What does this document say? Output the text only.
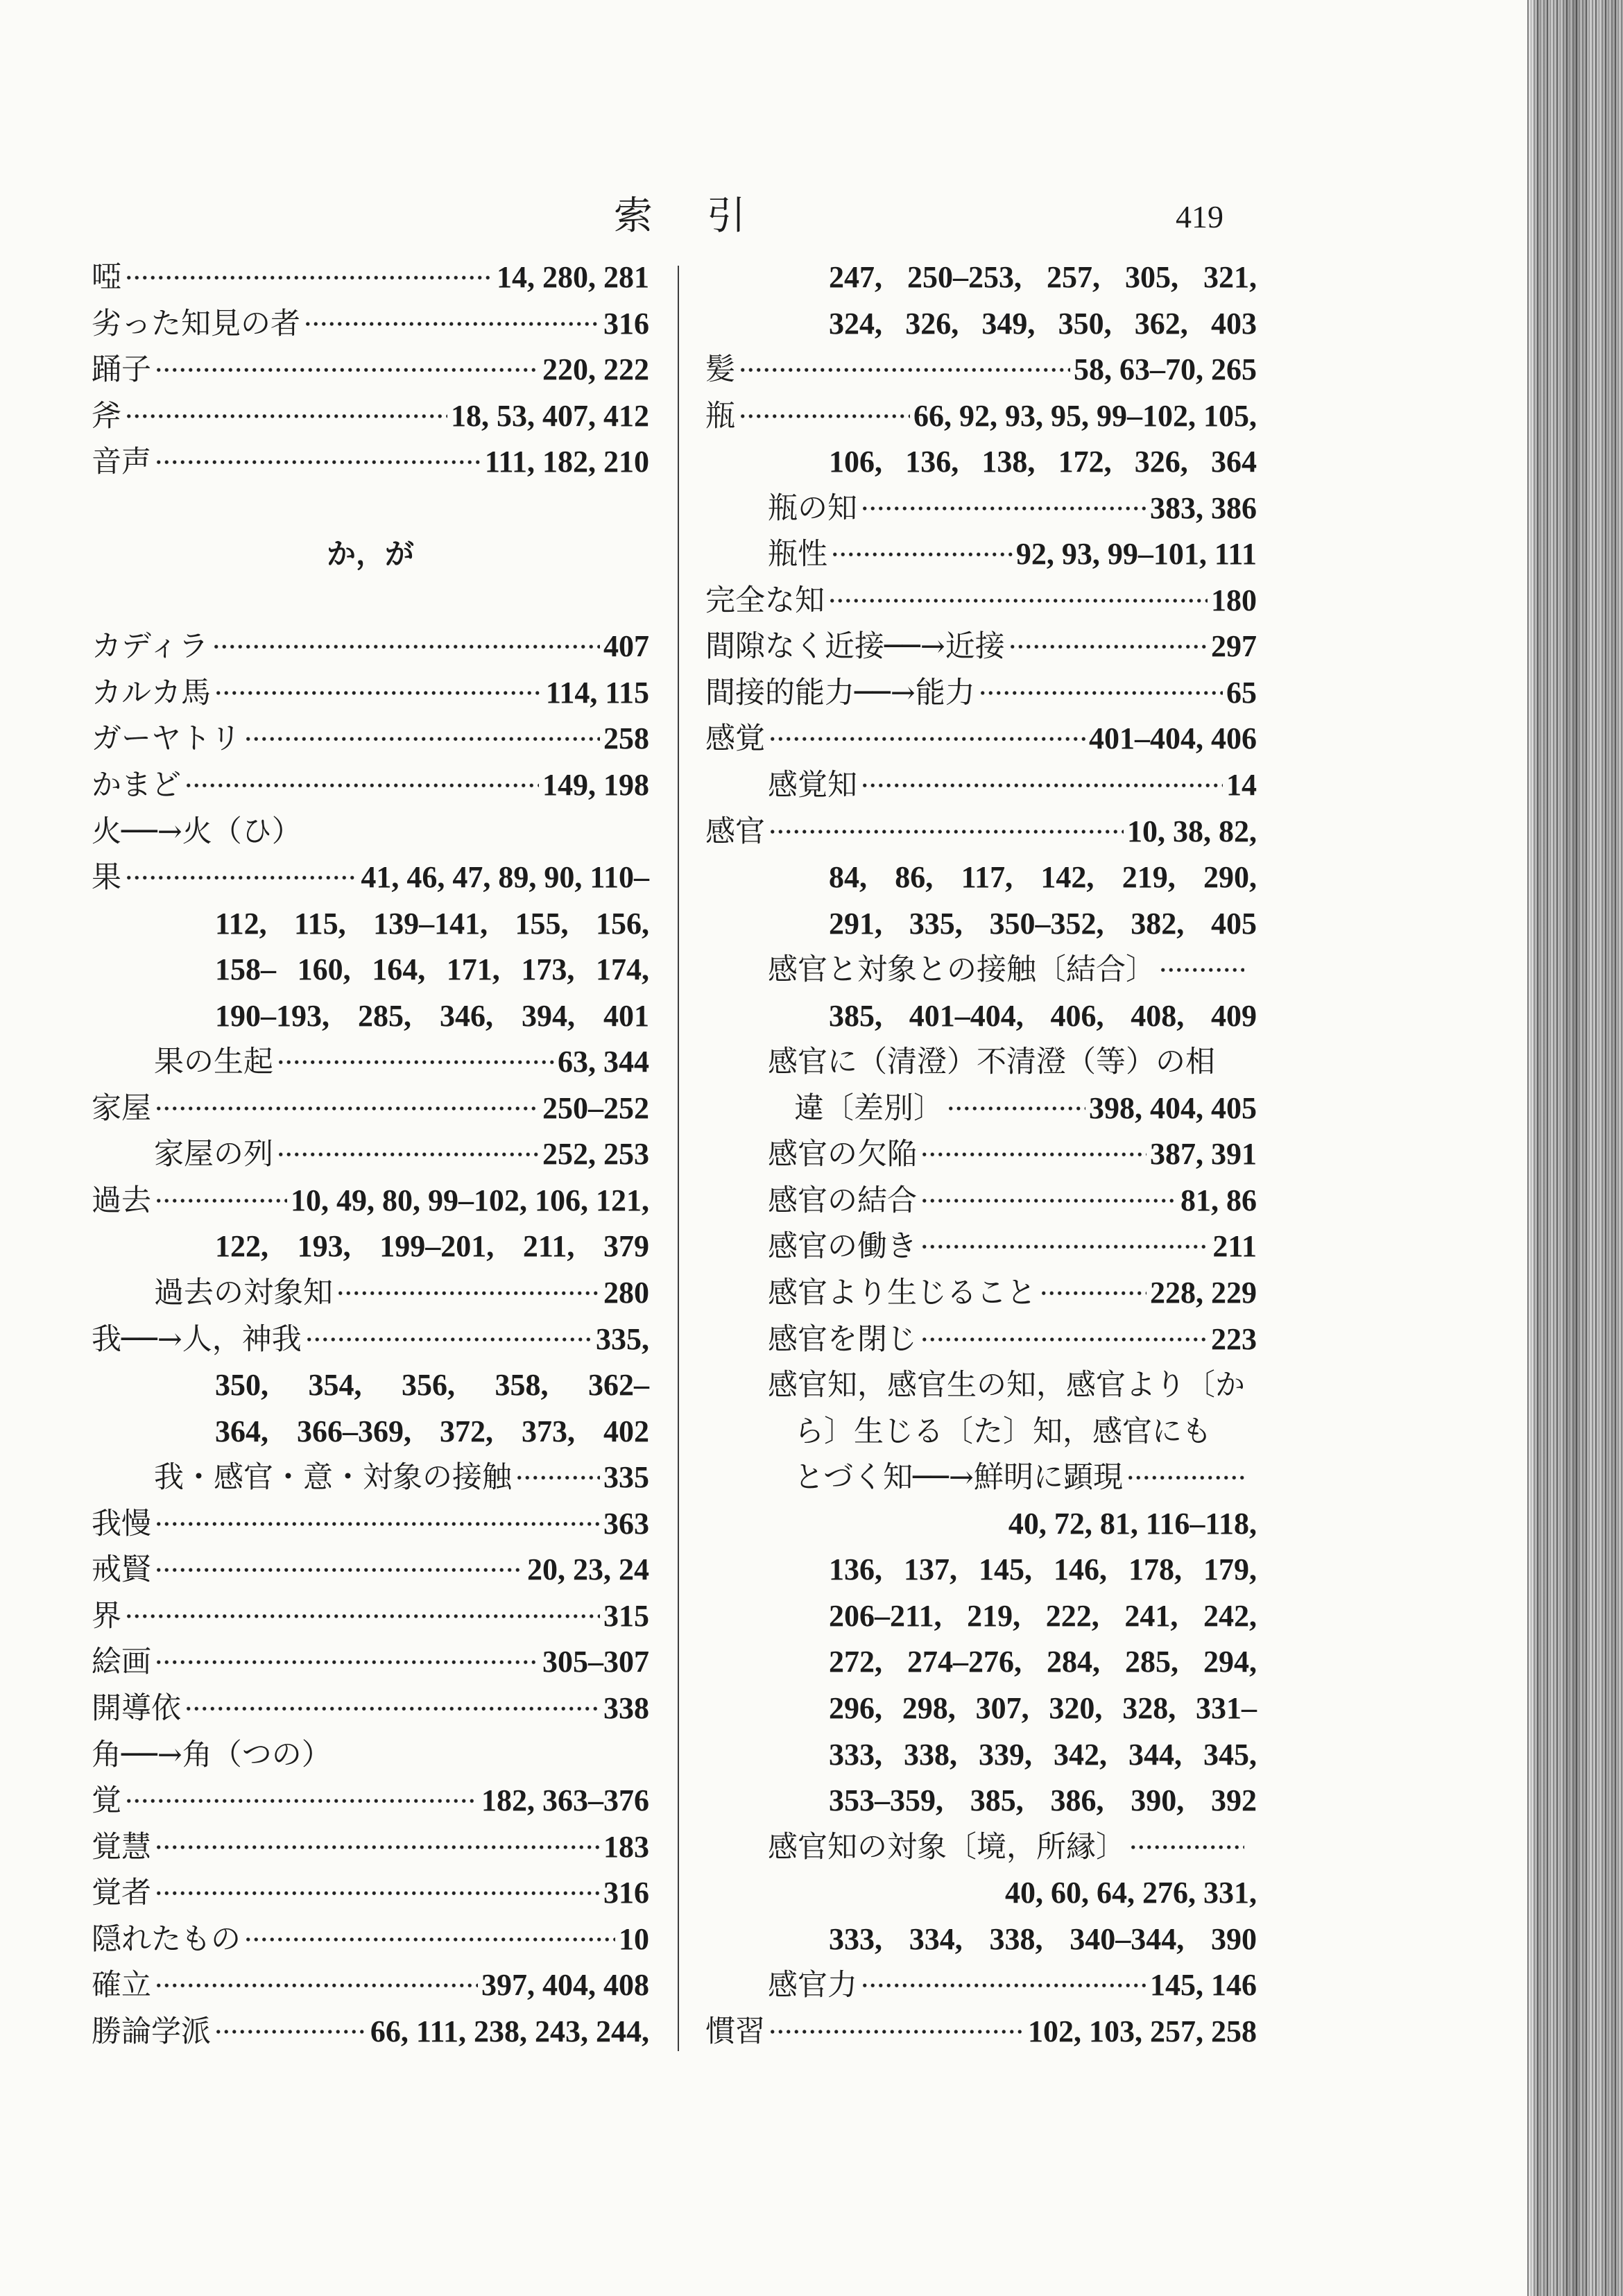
索引	419
啞	14, 280, 281
劣った知見の者	316
踊子	220, 222
斧	18, 53, 407, 412
音声	111, 182, 210
か，が
カディラ	407
カルカ馬	114, 115
ガーヤトリ	258
かまど	149, 198
火──→火（ひ）
果	41, 46, 47, 89, 90, 110–
112, 115, 139–141, 155, 156,
158– 160, 164, 171, 173, 174,
190–193, 285, 346, 394, 401
果の生起	63, 344
家屋	250–252
家屋の列	252, 253
過去	10, 49, 80, 99–102, 106, 121,
122, 193, 199–201, 211, 379
過去の対象知	280
我──→人，神我	335,
350, 354, 356, 358, 362–
364, 366–369, 372, 373, 402
我・感官・意・対象の接触	335
我慢	363
戒賢	20, 23, 24
界	315
絵画	305–307
開導依	338
角──→角（つの）
覚	182, 363–376
覚慧	183
覚者	316
隠れたもの	10
確立	397, 404, 408
勝論学派	66, 111, 238, 243, 244,
247, 250–253, 257, 305, 321,
324, 326, 349, 350, 362, 403
髪	58, 63–70, 265
瓶	66, 92, 93, 95, 99–102, 105,
106, 136, 138, 172, 326, 364
瓶の知	383, 386
瓶性	92, 93, 99–101, 111
完全な知	180
間隙なく近接──→近接	297
間接的能力──→能力	65
感覚	401–404, 406
感覚知	14
感官	10, 38, 82,
84, 86, 117, 142, 219, 290,
291, 335, 350–352, 382, 405
感官と対象との接触〔結合〕
385, 401–404, 406, 408, 409
感官に（清澄）不清澄（等）の相
違〔差別〕	398, 404, 405
感官の欠陥	387, 391
感官の結合	81, 86
感官の働き	211
感官より生じること	228, 229
感官を閉じ	223
感官知，感官生の知，感官より〔か
ら〕生じる〔た〕知，感官にも
とづく知──→鮮明に顕現
40, 72, 81, 116–118,
136, 137, 145, 146, 178, 179,
206–211, 219, 222, 241, 242,
272, 274–276, 284, 285, 294,
296, 298, 307, 320, 328, 331–
333, 338, 339, 342, 344, 345,
353–359, 385, 386, 390, 392
感官知の対象〔境，所縁〕
40, 60, 64, 276, 331,
333, 334, 338, 340–344, 390
感官力	145, 146
慣習	102, 103, 257, 258
